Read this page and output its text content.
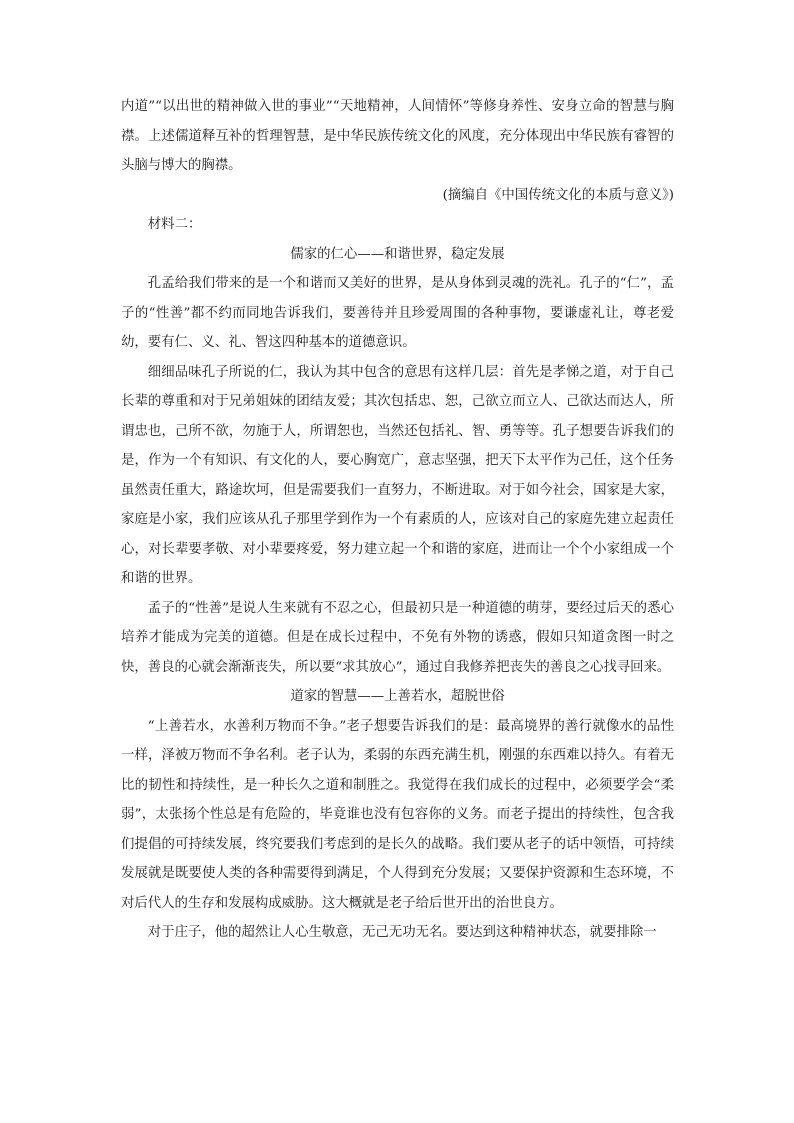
内道”“以出世的精神做入世的事业”“天地精神，人间情怀”等修身养性、安身立命的智慧与胸襟。上述儒道释互补的哲理智慧，是中华民族传统文化的风度，充分体现出中华民族有睿智的头脑与博大的胸襟。

(摘编自《中国传统文化的本质与意义》)

材料二：

儒家的仁心——和谐世界，稳定发展

孔孟给我们带来的是一个和谐而又美好的世界，是从身体到灵魂的洗礼。孔子的“仁”，孟子的“性善”都不约而同地告诉我们，要善待并且珍爱周围的各种事物，要谦虚礼让，尊老爱幼，要有仁、义、礼、智这四种基本的道德意识。

细细品味孔子所说的仁，我认为其中包含的意思有这样几层：首先是孝悌之道，对于自己长辈的尊重和对于兄弟姐妹的团结友爱；其次包括忠、恕，己欲立而立人、己欲达而达人，所谓忠也，己所不欲，勿施于人，所谓恕也，当然还包括礼、智、勇等等。孔子想要告诉我们的是，作为一个有知识、有文化的人，要心胸宽广，意志坚强，把天下太平作为己任，这个任务虽然责任重大，路途坎坷，但是需要我们一直努力，不断进取。对于如今社会，国家是大家，家庭是小家，我们应该从孔子那里学到作为一个有素质的人，应该对自己的家庭先建立起责任心，对长辈要孝敬、对小辈要疼爱，努力建立起一个和谐的家庭，进而让一个个小家组成一个和谐的世界。

孟子的“性善”是说人生来就有不忍之心，但最初只是一种道德的萌芽，要经过后天的悉心培养才能成为完美的道德。但是在成长过程中，不免有外物的诱惑，假如只知道贪图一时之快，善良的心就会渐渐丧失，所以要“求其放心”，通过自我修养把丧失的善良之心找寻回来。

道家的智慧——上善若水，超脱世俗

“上善若水，水善利万物而不争。”老子想要告诉我们的是：最高境界的善行就像水的品性一样，泽被万物而不争名利。老子认为，柔弱的东西充满生机，刚强的东西难以持久。有着无比的韧性和持续性，是一种长久之道和制胜之。我觉得在我们成长的过程中，必须要学会“柔弱”，太张扬个性总是有危险的，毕竟谁也没有包容你的义务。而老子提出的持续性，包含我们提倡的可持续发展，终究要我们考虑到的是长久的战略。我们要从老子的话中领悟，可持续发展就是既要使人类的各种需要得到满足，个人得到充分发展；又要保护资源和生态环境，不对后代人的生存和发展构成威胁。这大概就是老子给后世开出的治世良方。

对于庄子，他的超然让人心生敬意，无己无功无名。要达到这种精神状态，就要排除一
